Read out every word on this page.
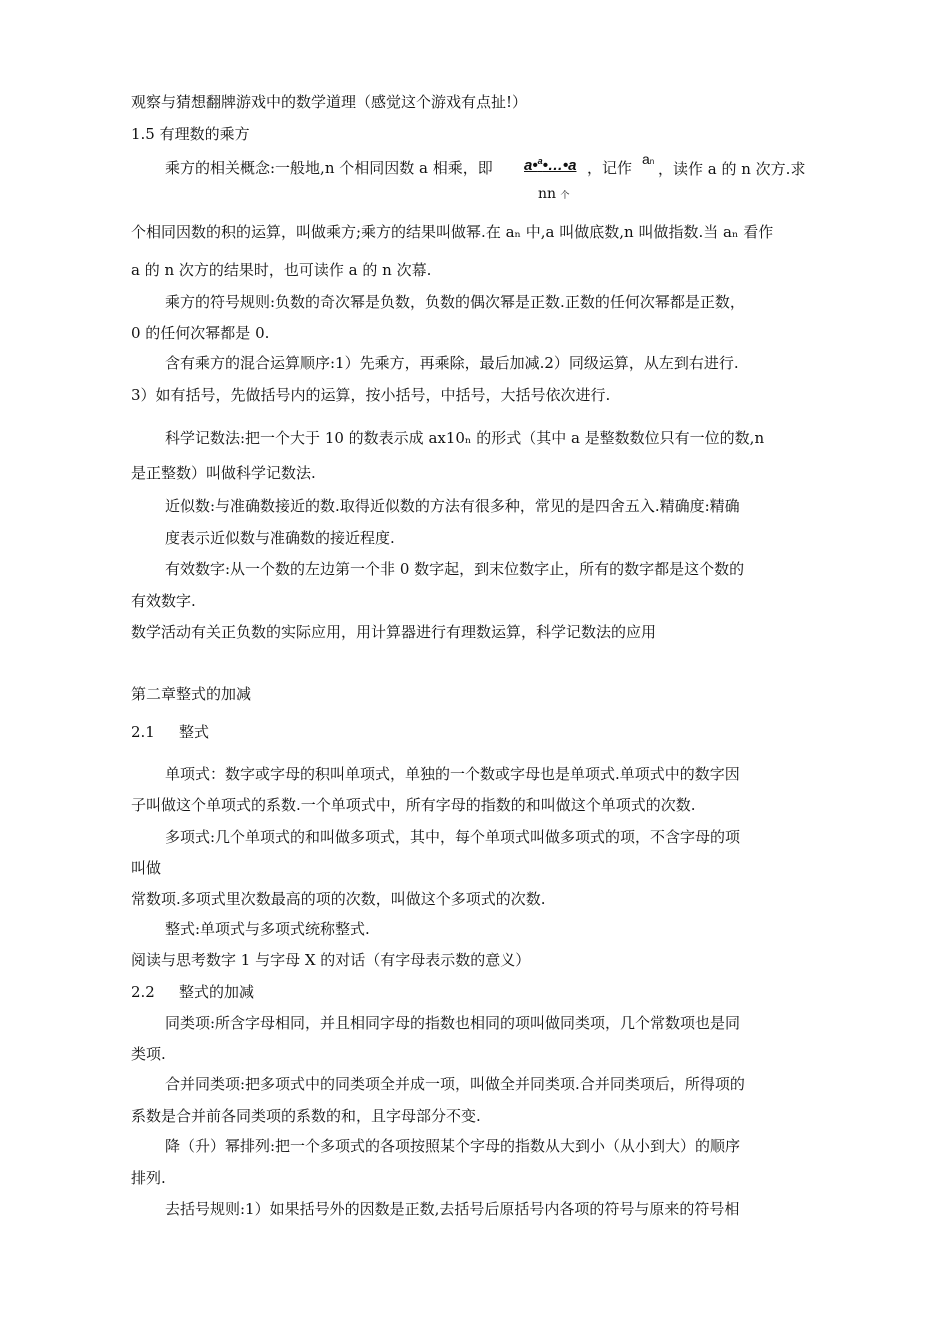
观察与猜想翻牌游戏中的数学道理（感觉这个游戏有点扯!）
1.5 有理数的乘方
乘方的相关概念:一般地,n 个相同因数 a 相乘，即 a•$^a$•…•a ，记作 an ，读作 a 的 n 次方.求
nn 个
个相同因数的积的运算，叫做乘方;乘方的结果叫做幂.在 aₙ 中,a 叫做底数,n 叫做指数.当 aₙ 看作
a 的 n 次方的结果时，也可读作 a 的 n 次幕.
乘方的符号规则:负数的奇次幂是负数，负数的偶次幂是正数.正数的任何次幂都是正数，
0 的任何次幂都是 0.
含有乘方的混合运算顺序:1）先乘方，再乘除，最后加减.2）同级运算，从左到右进行.
3）如有括号，先做括号内的运算，按小括号，中括号，大括号依次进行.
科学记数法:把一个大于 10 的数表示成 ax10ₙ 的形式（其中 a 是整数数位只有一位的数,n
是正整数）叫做科学记数法.
近似数:与准确数接近的数.取得近似数的方法有很多种，常见的是四舍五入.精确度:精确
度表示近似数与准确数的接近程度.
有效数字:从一个数的左边第一个非 0 数字起，到末位数字止，所有的数字都是这个数的
有效数字.
数学活动有关正负数的实际应用，用计算器进行有理数运算，科学记数法的应用
第二章整式的加减
2.1 整式
单项式：数字或字母的积叫单项式，单独的一个数或字母也是单项式.单项式中的数字因
子叫做这个单项式的系数.一个单项式中，所有字母的指数的和叫做这个单项式的次数.
多项式:几个单项式的和叫做多项式，其中，每个单项式叫做多项式的项，不含字母的项
叫做
常数项.多项式里次数最高的项的次数，叫做这个多项式的次数.
整式:单项式与多项式统称整式.
阅读与思考数字 1 与字母 X 的对话（有字母表示数的意义）
2.2 整式的加减
同类项:所含字母相同，并且相同字母的指数也相同的项叫做同类项，几个常数项也是同
类项.
合并同类项:把多项式中的同类项全并成一项，叫做全并同类项.合并同类项后，所得项的
系数是合并前各同类项的系数的和，且字母部分不变.
降（升）幂排列:把一个多项式的各项按照某个字母的指数从大到小（从小到大）的顺序
排列.
去括号规则:1）如果括号外的因数是正数,去括号后原括号内各项的符号与原来的符号相
